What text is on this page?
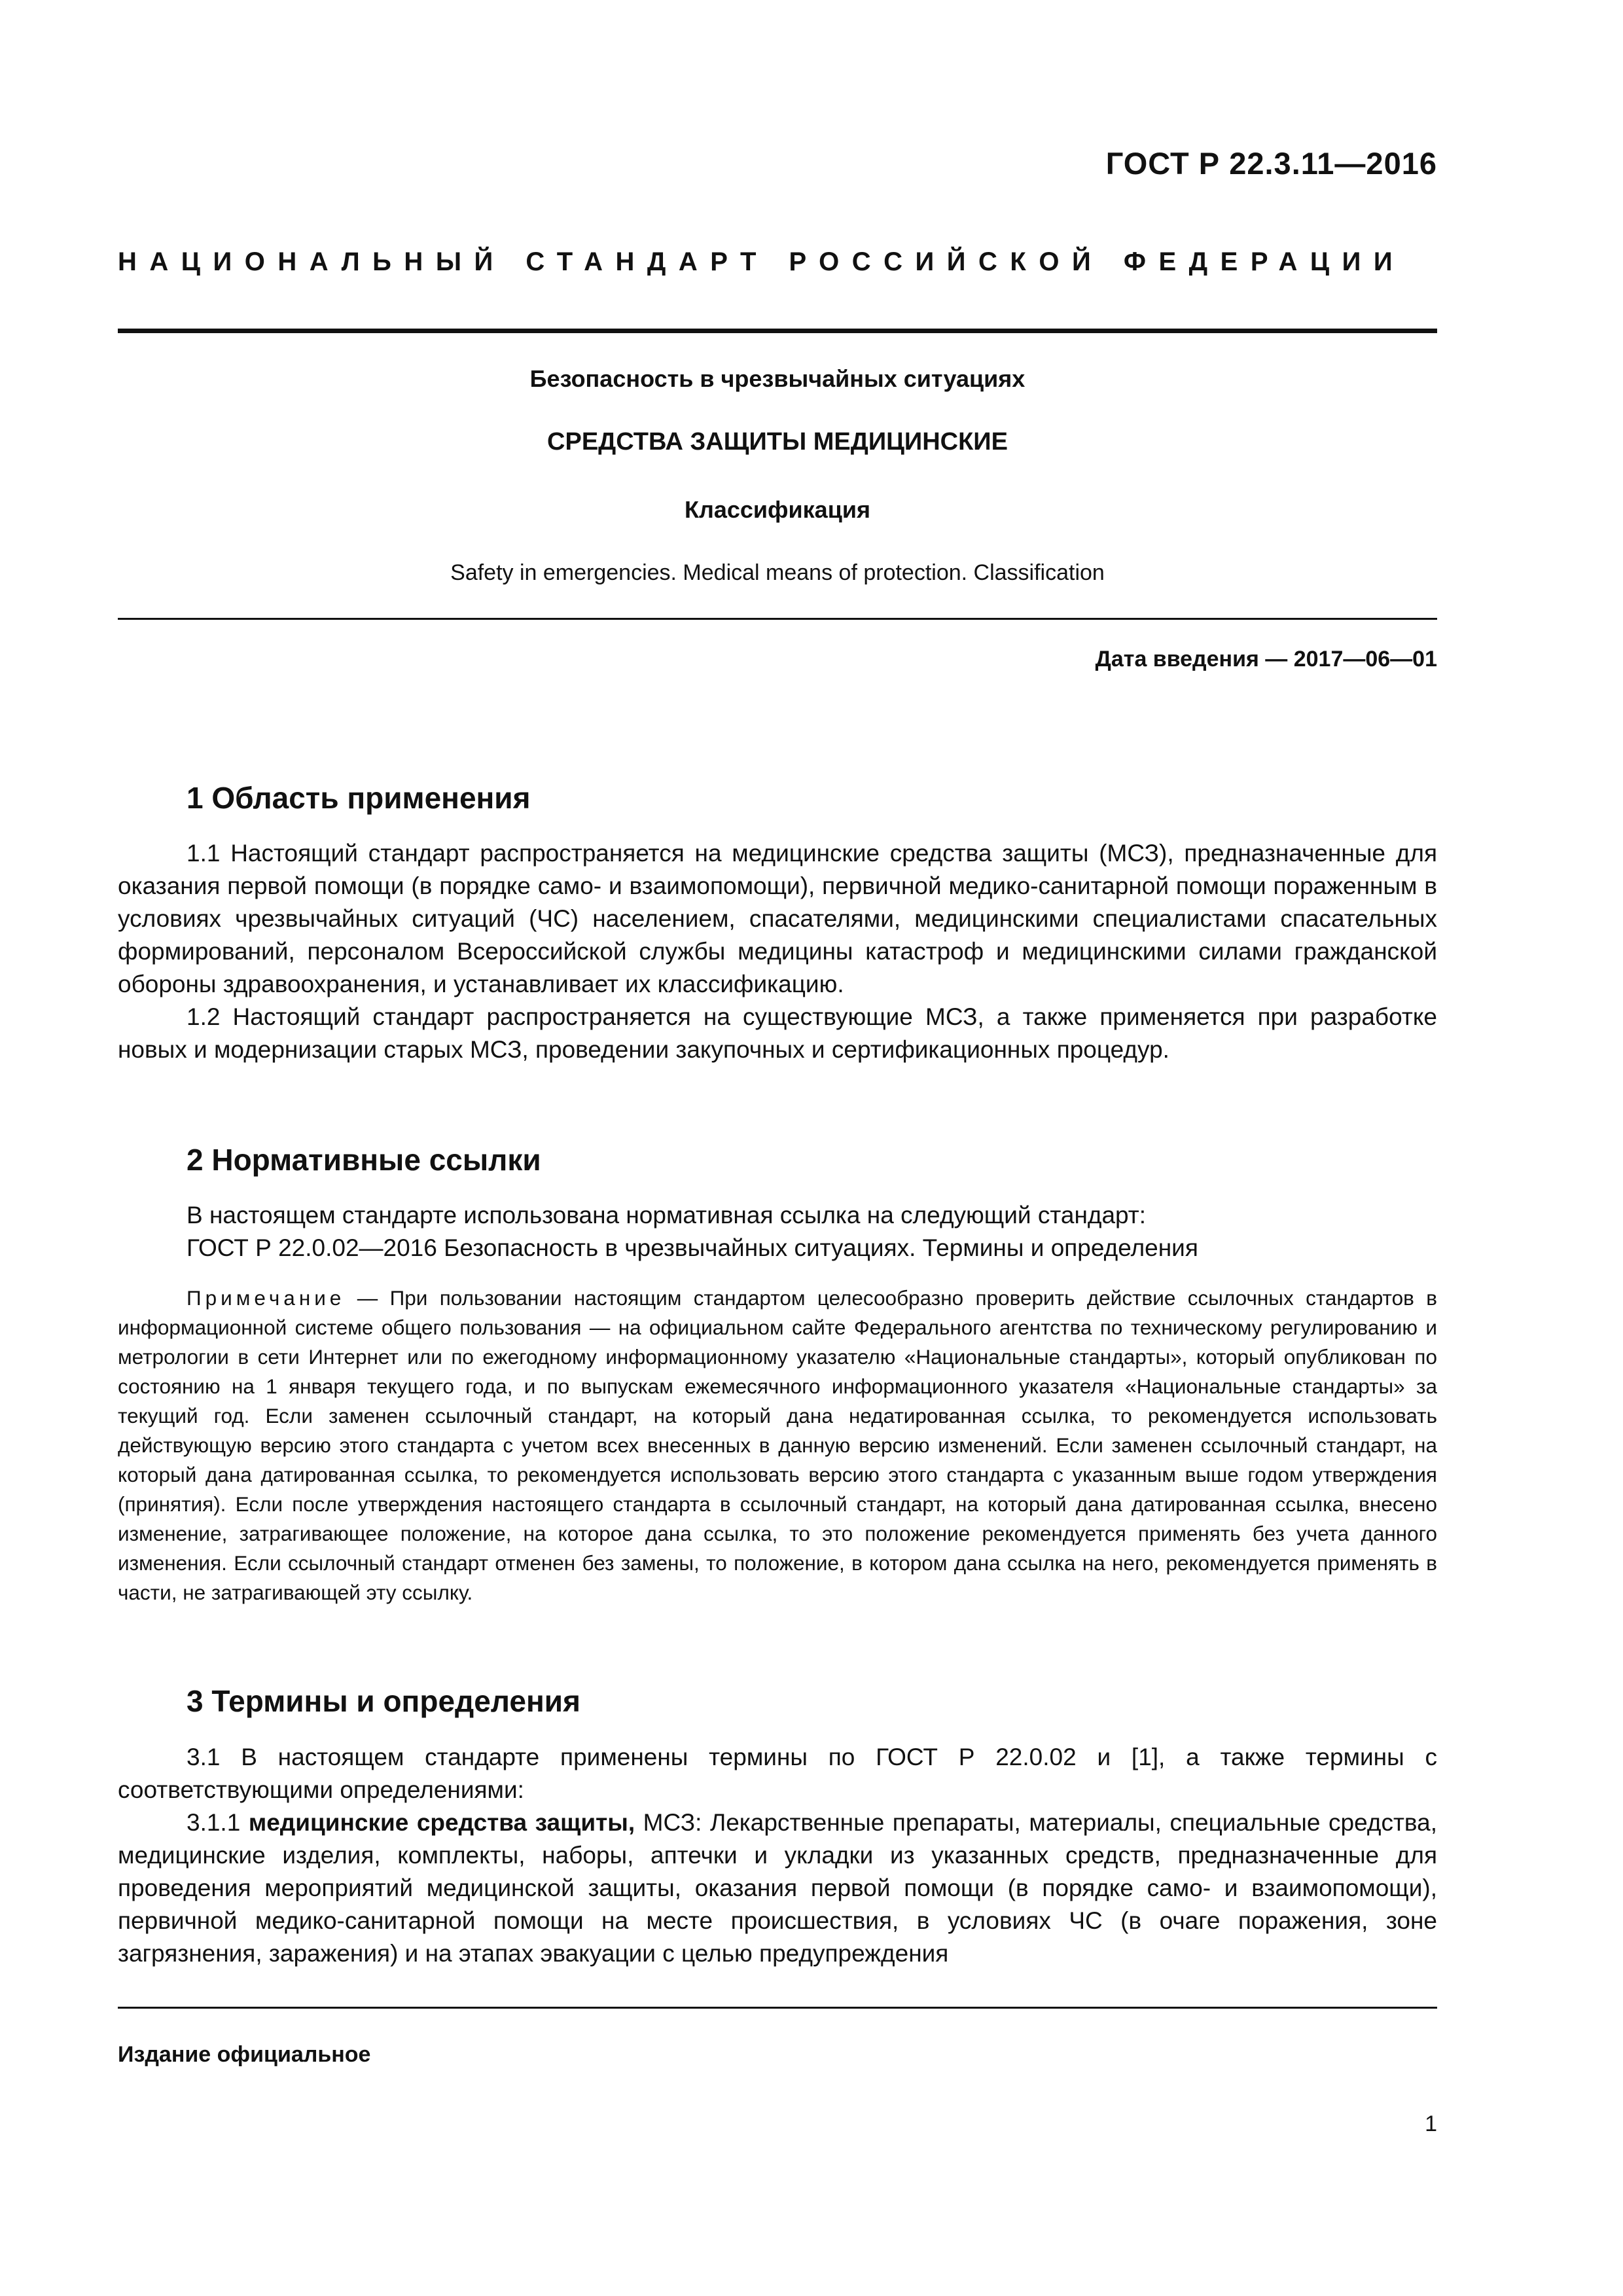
ГОСТ Р 22.3.11—2016
НАЦИОНАЛЬНЫЙ СТАНДАРТ РОССИЙСКОЙ ФЕДЕРАЦИИ
Безопасность в чрезвычайных ситуациях
СРЕДСТВА ЗАЩИТЫ МЕДИЦИНСКИЕ
Классификация
Safety in emergencies. Medical means of protection. Classification
Дата введения — 2017—06—01
1 Область применения

1.1 Настоящий стандарт распространяется на медицинские средства защиты (МСЗ), предназначенные для оказания первой помощи (в порядке само- и взаимопомощи), первичной медико-санитарной помощи пораженным в условиях чрезвычайных ситуаций (ЧС) населением, спасателями, медицинскими специалистами спасательных формирований, персоналом Всероссийской службы медицины катастроф и медицинскими силами гражданской обороны здравоохранения, и устанавливает их классификацию.

1.2 Настоящий стандарт распространяется на существующие МСЗ, а также применяется при разработке новых и модернизации старых МСЗ, проведении закупочных и сертификационных процедур.

2 Нормативные ссылки

В настоящем стандарте использована нормативная ссылка на следующий стандарт:

ГОСТ Р 22.0.02—2016 Безопасность в чрезвычайных ситуациях. Термины и определения

Примечание — При пользовании настоящим стандартом целесообразно проверить действие ссылочных стандартов в информационной системе общего пользования — на официальном сайте Федерального агентства по техническому регулированию и метрологии в сети Интернет или по ежегодному информационному указателю «Национальные стандарты», который опубликован по состоянию на 1 января текущего года, и по выпускам ежемесячного информационного указателя «Национальные стандарты» за текущий год. Если заменен ссылочный стандарт, на который дана недатированная ссылка, то рекомендуется использовать действующую версию этого стандарта с учетом всех внесенных в данную версию изменений. Если заменен ссылочный стандарт, на который дана датированная ссылка, то рекомендуется использовать версию этого стандарта с указанным выше годом утверждения (принятия). Если после утверждения настоящего стандарта в ссылочный стандарт, на который дана датированная ссылка, внесено изменение, затрагивающее положение, на которое дана ссылка, то это положение рекомендуется применять без учета данного изменения. Если ссылочный стандарт отменен без замены, то положение, в котором дана ссылка на него, рекомендуется применять в части, не затрагивающей эту ссылку.

3 Термины и определения

3.1 В настоящем стандарте применены термины по ГОСТ Р 22.0.02 и [1], а также термины с соответствующими определениями:

3.1.1 медицинские средства защиты, МСЗ: Лекарственные препараты, материалы, специальные средства, медицинские изделия, комплекты, наборы, аптечки и укладки из указанных средств, предназначенные для проведения мероприятий медицинской защиты, оказания первой помощи (в порядке само- и взаимопомощи), первичной медико-санитарной помощи на месте происшествия, в условиях ЧС (в очаге поражения, зоне загрязнения, заражения) и на этапах эвакуации с целью предупреждения

Издание официальное
1
